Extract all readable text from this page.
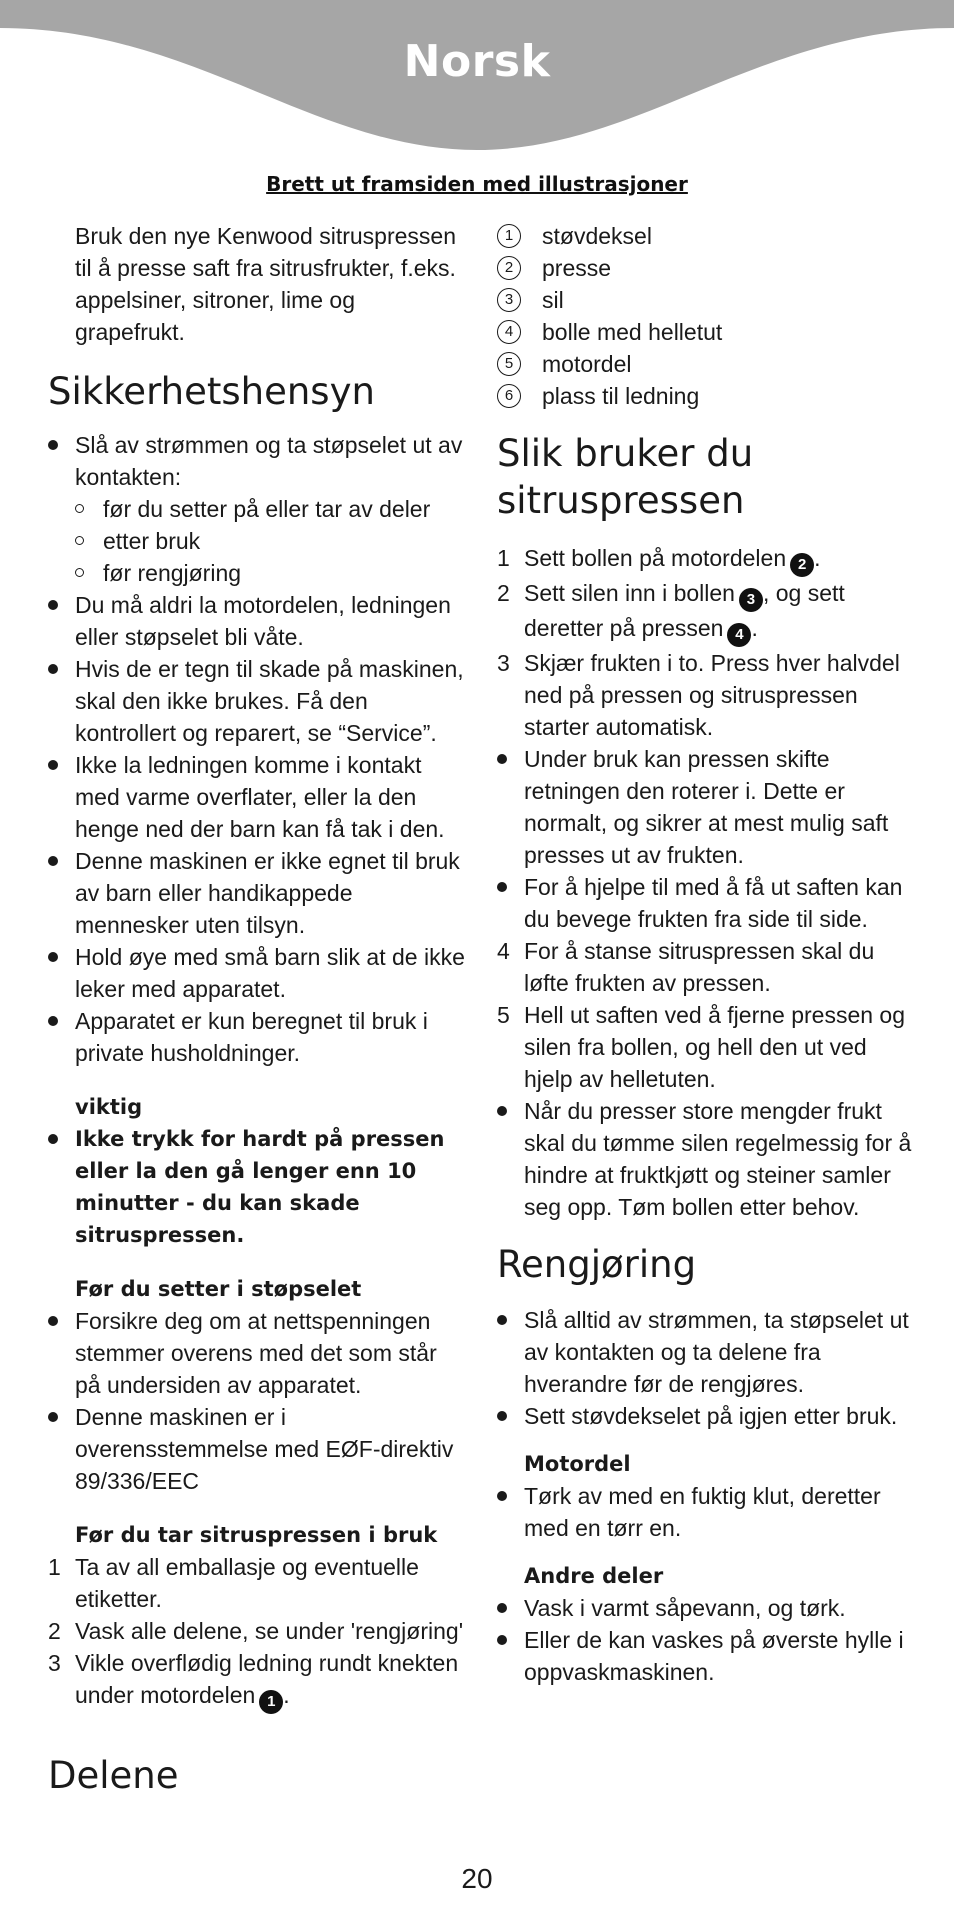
Norsk
Brett ut framsiden med illustrasjoner

Bruk den nye Kenwood sitruspressen til å presse saft fra sitrusfrukter, f.eks. appelsiner, sitroner, lime og grapefrukt.

Sikkerhetshensyn
Slå av strømmen og ta støpselet ut av kontakten:
før du setter på eller tar av deler
etter bruk
før rengjøring
Du må aldri la motordelen, ledningen eller støpselet bli våte.
Hvis de er tegn til skade på maskinen, skal den ikke brukes. Få den kontrollert og reparert, se “Service”.
Ikke la ledningen komme i kontakt med varme overflater, eller la den henge ned der barn kan få tak i den.
Denne maskinen er ikke egnet til bruk av barn eller handikappede mennesker uten tilsyn.
Hold øye med små barn slik at de ikke leker med apparatet.
Apparatet er kun beregnet til bruk i private husholdninger.
viktig
Ikke trykk for hardt på pressen eller la den gå lenger enn 10 minutter - du kan skade sitruspressen.
Før du setter i støpselet
Forsikre deg om at nettspenningen stemmer overens med det som står på undersiden av apparatet.
Denne maskinen er i overensstemmelse med EØF-direktiv 89/336/EEC
Før du tar sitruspressen i bruk
1 Ta av all emballasje og eventuelle etiketter.
2 Vask alle delene, se under 'rengjøring'
3 Vikle overflødig ledning rundt knekten under motordelen 1 .
Delene
1	støvdeksel
2	presse
3	sil
4	bolle med helletut
5	motordel
6	plass til ledning
Slik bruker du sitruspressen
1 Sett bollen på motordelen 2 .
2 Sett silen inn i bollen 3 , og sett deretter på pressen 4 .
3 Skjær frukten i to. Press hver halvdel ned på pressen og sitruspressen starter automatisk.
Under bruk kan pressen skifte retningen den roterer i. Dette er normalt, og sikrer at mest mulig saft presses ut av frukten.
For å hjelpe til med å få ut saften kan du bevege frukten fra side til side.
4 For å stanse sitruspressen skal du løfte frukten av pressen.
5 Hell ut saften ved å fjerne pressen og silen fra bollen, og hell den ut ved hjelp av helletuten.
Når du presser store mengder frukt skal du tømme silen regelmessig for å hindre at fruktkjøtt og steiner samler seg opp. Tøm bollen etter behov.
Rengjøring
Slå alltid av strømmen, ta støpselet ut av kontakten og ta delene fra hverandre før de rengjøres.
Sett støvdekselet på igjen etter bruk.
Motordel
Tørk av med en fuktig klut, deretter med en tørr en.
Andre deler
Vask i varmt såpevann, og tørk.
Eller de kan vaskes på øverste hylle i oppvaskmaskinen.
20
